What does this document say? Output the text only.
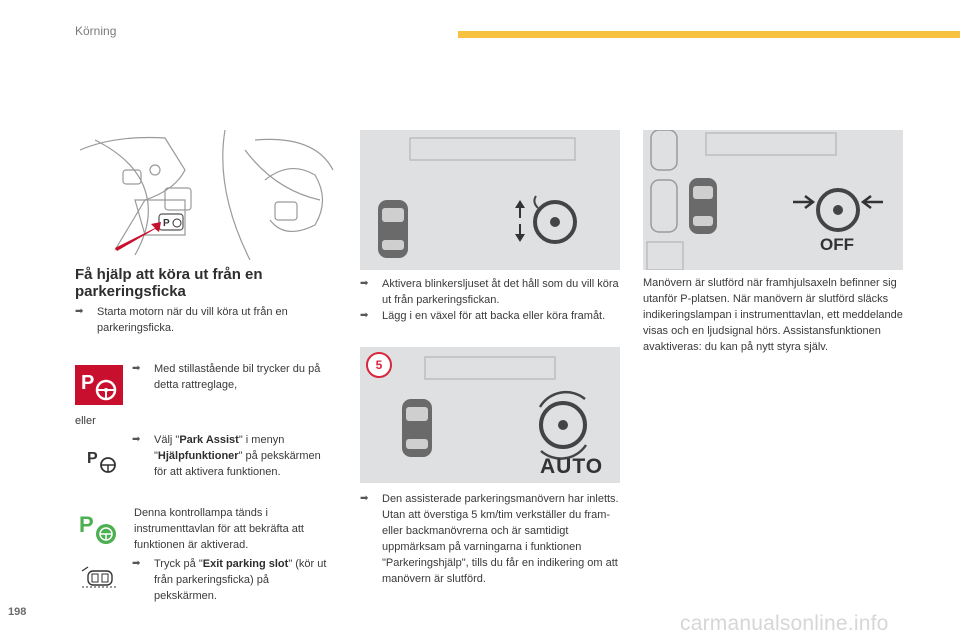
Körning
P
Få hjälp att köra ut från en
parkeringsficka
➡	Starta motorn när du vill köra ut från en parkeringsficka.
P
➡	Med stillastående bil trycker du på detta rattreglage,
eller
P
➡	Välj "Park Assist" i menyn "Hjälpfunktioner" på pekskärmen för att aktivera funktionen.
P	Denna kontrollampa tänds i instrumenttavlan för att bekräfta att funktionen är aktiverad.
➡	Tryck på "Exit parking slot" (kör ut från parkeringsficka) på pekskärmen.
➡	Aktivera blinkersljuset åt det håll som du vill köra ut från parkeringsfickan.
➡	Lägg i en växel för att backa eller köra framåt.
5
AUTO
➡	Den assisterade parkeringsmanövern har inletts. Utan att överstiga 5 km/tim verkställer du fram- eller backmanövrerna och är samtidigt uppmärksam på varningarna i funktionen "Parkeringshjälp", tills du får en indikering om att manövern är slutförd.
OFF
Manövern är slutförd när framhjulsaxeln befinner sig utanför P-platsen. När manövern är slutförd släcks indikeringslampan i instrumenttavlan, ett meddelande visas och en ljudsignal hörs. Assistansfunktionen avaktiveras: du kan på nytt styra själv.
198	carmanualsonline.info
